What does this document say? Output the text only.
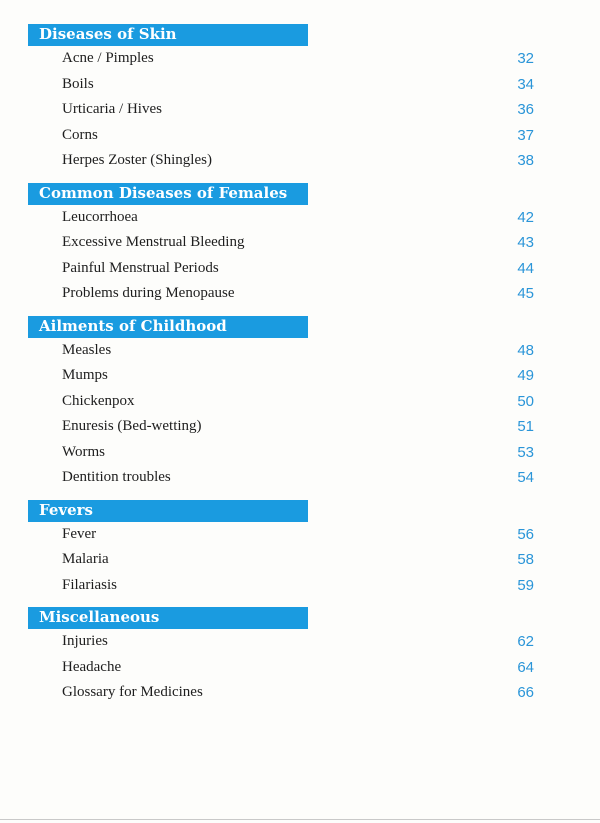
Diseases of Skin
Acne / Pimples	32
Boils	34
Urticaria / Hives	36
Corns	37
Herpes Zoster (Shingles)	38
Common Diseases of Females
Leucorrhoea	42
Excessive Menstrual Bleeding	43
Painful Menstrual Periods	44
Problems during Menopause	45
Ailments of Childhood
Measles	48
Mumps	49
Chickenpox	50
Enuresis (Bed-wetting)	51
Worms	53
Dentition troubles	54
Fevers
Fever	56
Malaria	58
Filariasis	59
Miscellaneous
Injuries	62
Headache	64
Glossary for Medicines	66
